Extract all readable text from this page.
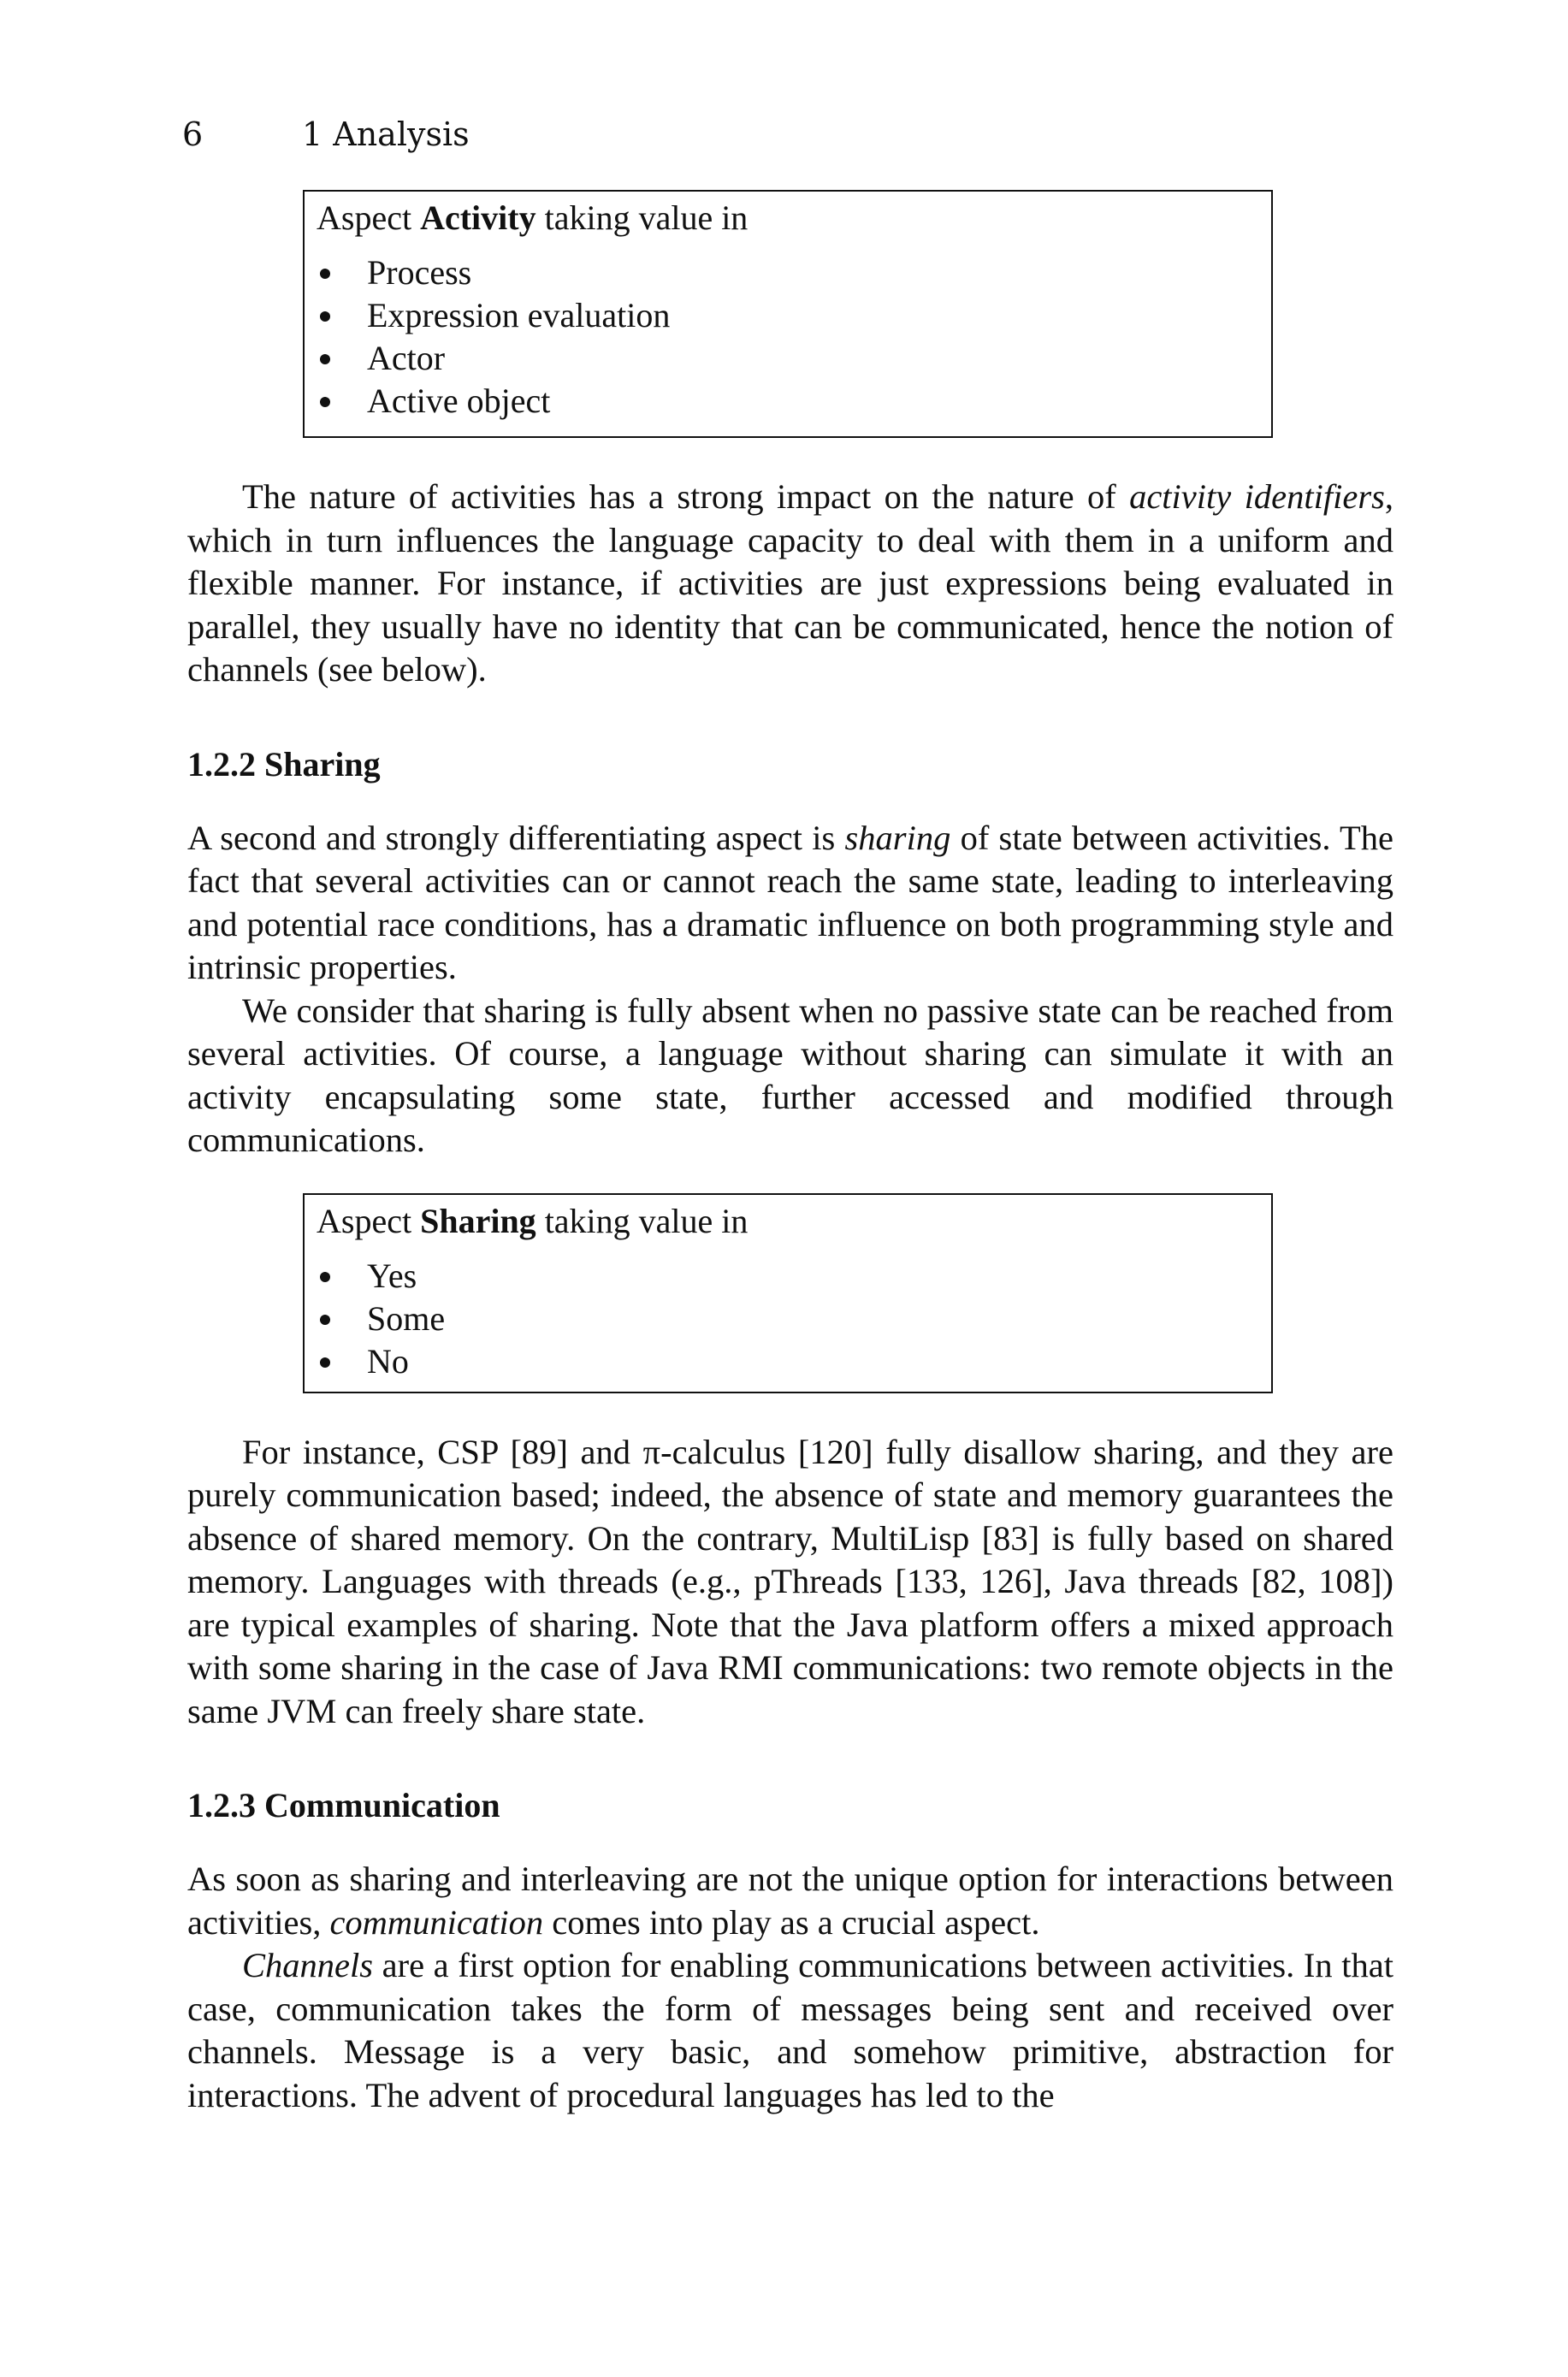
6	1 Analysis
Aspect Activity taking value in
Process
Expression evaluation
Actor
Active object

The nature of activities has a strong impact on the nature of activity identifiers, which in turn influences the language capacity to deal with them in a uniform and flexible manner. For instance, if activities are just expressions being evaluated in parallel, they usually have no identity that can be communicated, hence the notion of channels (see below).

1.2.2 Sharing

A second and strongly differentiating aspect is sharing of state between activities. The fact that several activities can or cannot reach the same state, leading to interleaving and potential race conditions, has a dramatic influence on both programming style and intrinsic properties.

We consider that sharing is fully absent when no passive state can be reached from several activities. Of course, a language without sharing can simulate it with an activity encapsulating some state, further accessed and modified through communications.

Aspect Sharing taking value in
Yes
Some
No

For instance, CSP [89] and π-calculus [120] fully disallow sharing, and they are purely communication based; indeed, the absence of state and memory guarantees the absence of shared memory. On the contrary, MultiLisp [83] is fully based on shared memory. Languages with threads (e.g., pThreads [133, 126], Java threads [82, 108]) are typical examples of sharing. Note that the Java platform offers a mixed approach with some sharing in the case of Java RMI communications: two remote objects in the same JVM can freely share state.

1.2.3 Communication

As soon as sharing and interleaving are not the unique option for interactions between activities, communication comes into play as a crucial aspect.

Channels are a first option for enabling communications between activities. In that case, communication takes the form of messages being sent and received over channels. Message is a very basic, and somehow primitive, abstraction for interactions. The advent of procedural languages has led to the
